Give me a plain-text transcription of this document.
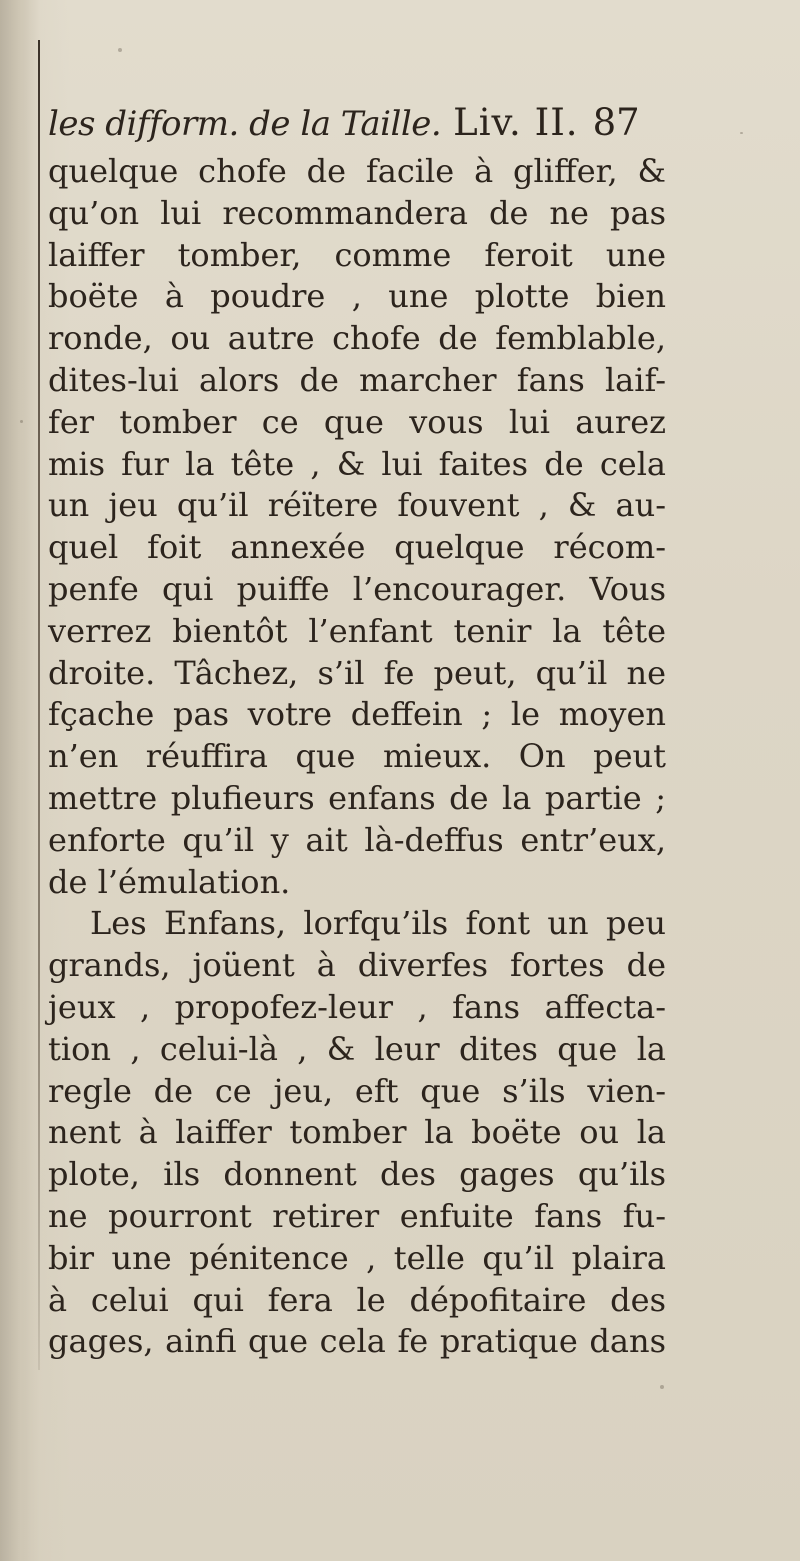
les difform. de la Taille. Liv. II. 87
quelque chofe de facile à gliffer, &
qu’on lui recommandera de ne pas
laiffer tomber, comme feroit une
boëte à poudre , une plotte bien
ronde, ou autre chofe de femblable,
dites-lui alors de marcher fans laif-
fer tomber ce que vous lui aurez
mis fur la tête , & lui faites de cela
un jeu qu’il réïtere fouvent , & au-
quel foit annexée quelque récom-
penfe qui puiffe l’encourager. Vous
verrez bientôt l’enfant tenir la tête
droite. Tâchez, s’il fe peut, qu’il ne
fçache pas votre deffein ; le moyen
n’en réuffira que mieux. On peut
mettre plufieurs enfans de la partie ;
enforte qu’il y ait là-deffus entr’eux,
de l’émulation.
Les Enfans, lorfqu’ils font un peu
grands, joüent à diverfes fortes de
jeux , propofez-leur , fans affecta-
tion , celui-là , & leur dites que la
regle de ce jeu, eft que s’ils vien-
nent à laiffer tomber la boëte ou la
plote, ils donnent des gages qu’ils
ne pourront retirer enfuite fans fu-
bir une pénitence , telle qu’il plaira
à celui qui fera le dépofitaire des
gages, ainfi que cela fe pratique dans
